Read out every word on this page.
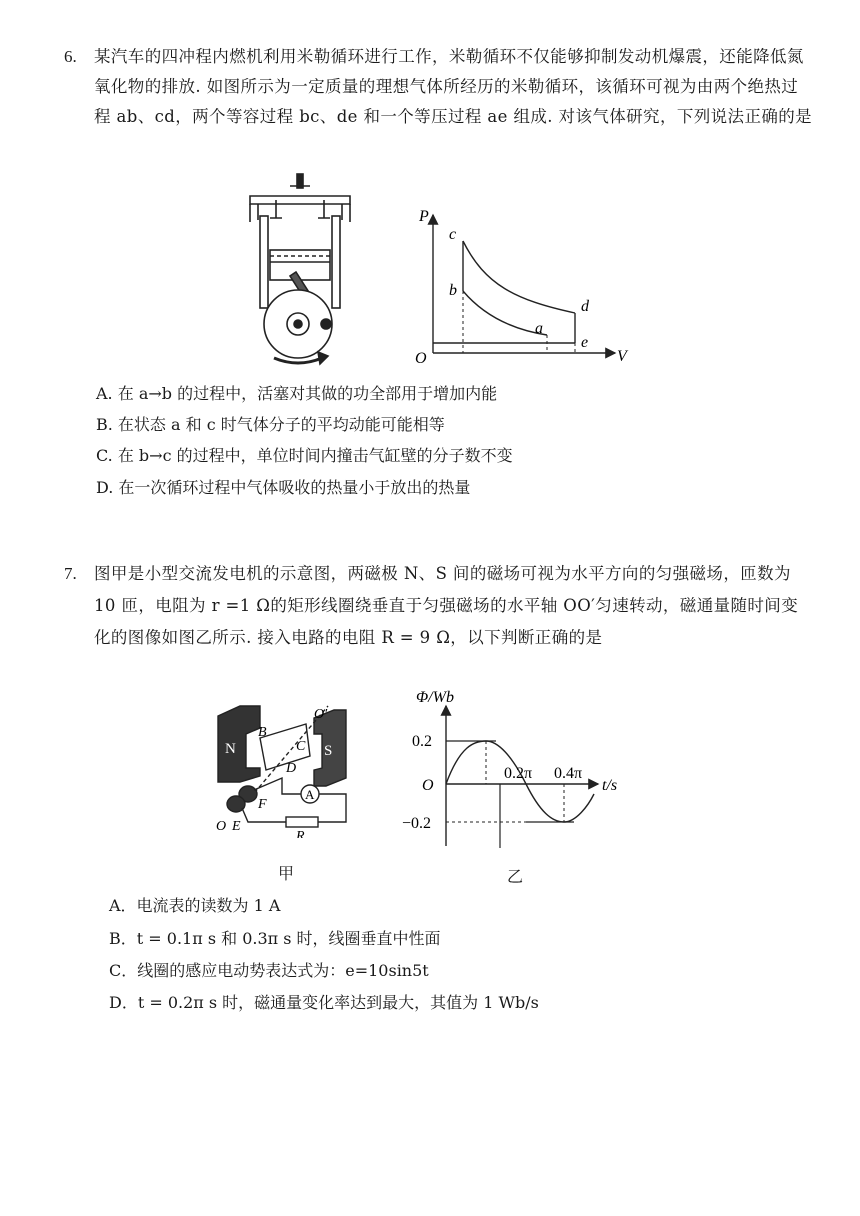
6. 某汽车的四冲程内燃机利用米勒循环进行工作，米勒循环不仅能够抑制发动机爆震，还能降低氮氧化物的排放. 如图所示为一定质量的理想气体所经历的米勒循环，该循环可视为由两个绝热过程 ab、cd，两个等容过程 bc、de 和一个等压过程 ae 组成. 对该气体研究，下列说法正确的是
P
V
O
c
b
a
d
e
A. 在 a→b 的过程中，活塞对其做的功全部用于增加内能
B. 在状态 a 和 c 时气体分子的平均动能可能相等
C. 在 b→c 的过程中，单位时间内撞击气缸壁的分子数不变
D. 在一次循环过程中气体吸收的热量小于放出的热量
7. 图甲是小型交流发电机的示意图，两磁极 N、S 间的磁场可视为水平方向的匀强磁场，匝数为 10 匝，电阻为 r =1 Ω的矩形线圈绕垂直于匀强磁场的水平轴 OO′匀速转动，磁通量随时间变化的图像如图乙所示. 接入电路的电阻 R = 9 Ω，以下判断正确的是
N	S
B
C
D
O′
F
O E
A
R
Φ/Wb
t/s
O
0.2
−0.2
0.2π 0.4π
甲	乙
A．电流表的读数为 1 A
B．t = 0.1π s 和 0.3π s 时，线圈垂直中性面
C．线圈的感应电动势表达式为：e=10sin5t
D．t = 0.2π s 时，磁通量变化率达到最大，其值为 1 Wb/s
